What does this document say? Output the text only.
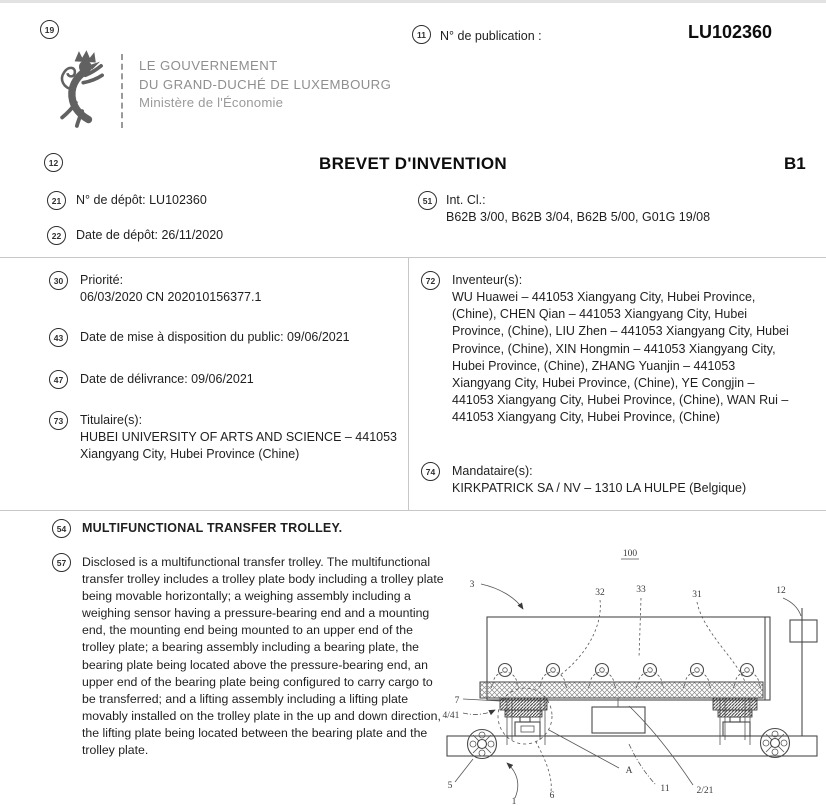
19
LE GOUVERNEMENT
DU GRAND-DUCHÉ DE LUXEMBOURG
Ministère de l'Économie
11	N° de publication :	LU102360
12	BREVET D'INVENTION	B1
21	N° de dépôt: LU102360	51	Int. Cl.:
B62B 3/00, B62B 3/04, B62B 5/00, G01G 19/08
22	Date de dépôt: 26/11/2020
30	Priorité:
06/03/2020 CN 202010156377.1
43	Date de mise à disposition du public: 09/06/2021
47	Date de délivrance: 09/06/2021
73	Titulaire(s):
HUBEI UNIVERSITY OF ARTS AND SCIENCE – 441053 Xiangyang City, Hubei Province (Chine)
72	Inventeur(s):
WU Huawei – 441053 Xiangyang City, Hubei Province, (Chine), CHEN Qian – 441053 Xiangyang City, Hubei Province, (Chine), LIU Zhen – 441053 Xiangyang City, Hubei Province, (Chine), XIN Hongmin – 441053 Xiangyang City, Hubei Province, (Chine), ZHANG Yuanjin – 441053 Xiangyang City, Hubei Province, (Chine), YE Congjin – 441053 Xiangyang City, Hubei Province, (Chine), WAN Rui – 441053 Xiangyang City, Hubei Province, (Chine)
74	Mandataire(s):
KIRKPATRICK SA / NV – 1310 LA HULPE (Belgique)
54	MULTIFUNCTIONAL TRANSFER TROLLEY.
57	Disclosed is a multifunctional transfer trolley. The multifunctional transfer trolley includes a trolley plate body including a trolley plate being movable horizontally; a weighing assembly including a weighing sensor having a pressure-bearing end and a mounting end, the mounting end being mounted to an upper end of the trolley plate; a bearing assembly including a bearing plate, the bearing plate being located above the pressure-bearing end, an upper end of the bearing plate being configured to carry cargo to be transferred; and a lifting assembly including a lifting plate movably installed on the trolley plate in the up and down direction, the lifting plate being located between the bearing plate and the trolley plate.
100
3
32	33	31	12
7
4/41
5
1
6
A
11	2/21
